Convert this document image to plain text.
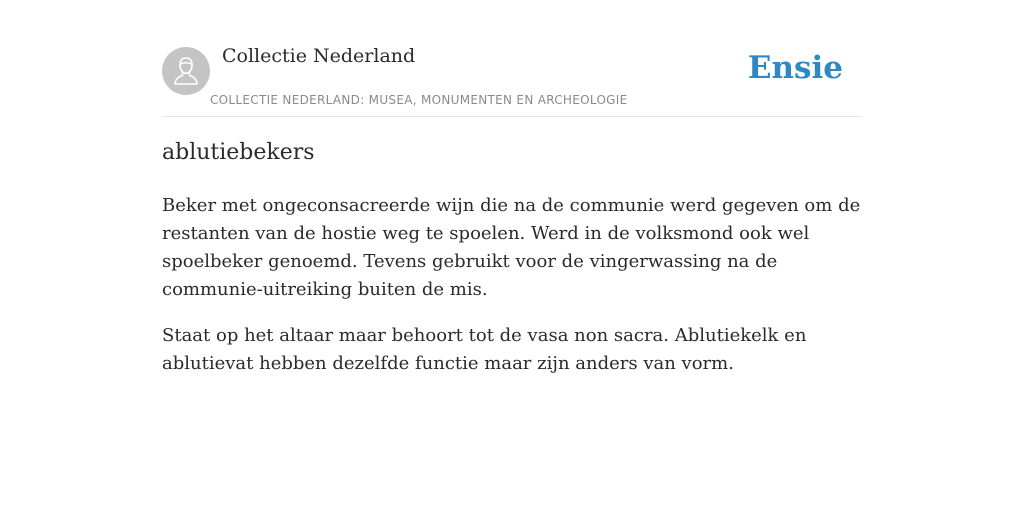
Collectie Nederland
COLLECTIE NEDERLAND: MUSEA, MONUMENTEN EN ARCHEOLOGIE
Ensie
ablutiebekers

Beker met ongeconsacreerde wijn die na de communie werd gegeven om de restanten van de hostie weg te spoelen. Werd in de volksmond ook wel spoelbeker genoemd. Tevens gebruikt voor de vingerwassing na de communie-uitreiking buiten de mis.

Staat op het altaar maar behoort tot de vasa non sacra. Ablutiekelk en ablutievat hebben dezelfde functie maar zijn anders van vorm.
